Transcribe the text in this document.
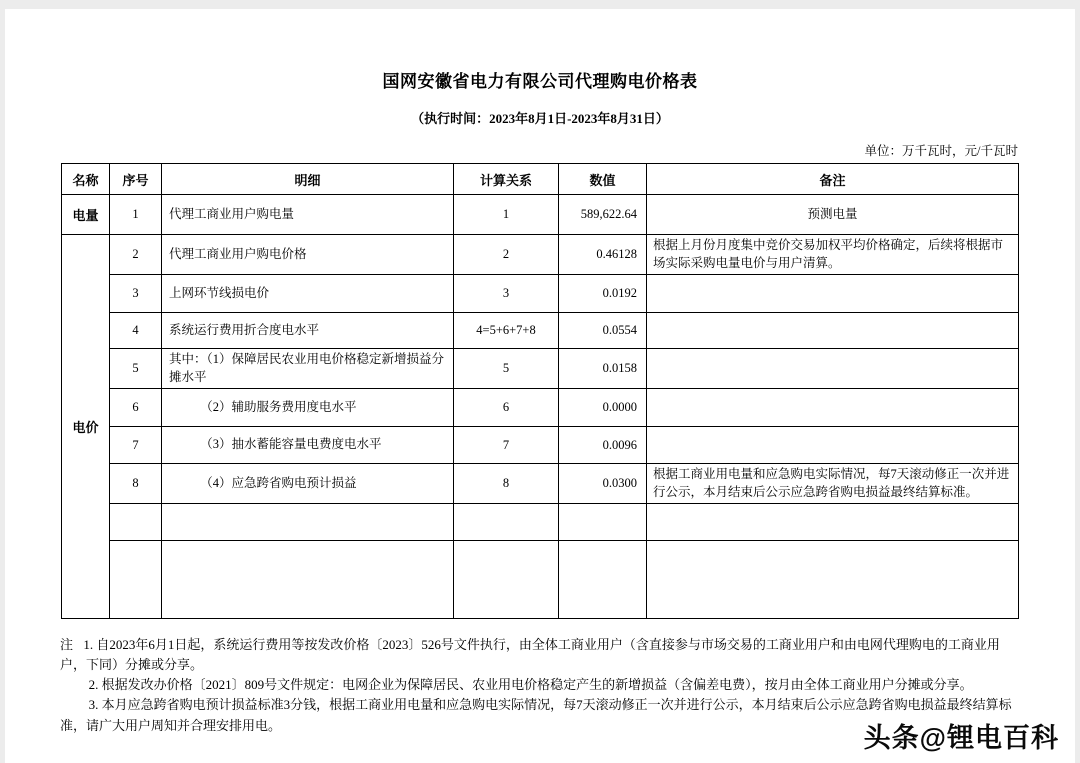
国网安徽省电力有限公司代理购电价格表
（执行时间：2023年8月1日-2023年8月31日）
单位：万千瓦时，元/千瓦时
名称	序号	明细	计算关系	数值	备注
电量	1	代理工商业用户购电量	1	589,622.64	预测电量
电价	2	代理工商业用户购电价格	2	0.46128	根据上月份月度集中竞价交易加权平均价格确定，后续将根据市场实际采购电量电价与用户清算。
	3	上网环节线损电价	3	0.0192	
	4	系统运行费用折合度电水平	4=5+6+7+8	0.0554	
	5	其中：（1）保障居民农业用电价格稳定新增损益分摊水平	5	0.0158	
	6	　　　（2）辅助服务费用度电水平	6	0.0000	
	7	　　　（3）抽水蓄能容量电费度电水平	7	0.0096	
	8	　　　（4）应急跨省购电预计损益	8	0.0300	根据工商业用电量和应急购电实际情况，每7天滚动修正一次并进行公示，本月结束后公示应急跨省购电损益最终结算标准。

注 1. 自2023年6月1日起，系统运行费用等按发改价格〔2023〕526号文件执行，由全体工商业用户（含直接参与市场交易的工商业用户和由电网代理购电的工商业用户，下同）分摊或分享。

2. 根据发改办价格〔2021〕809号文件规定：电网企业为保障居民、农业用电价格稳定产生的新增损益（含偏差电费），按月由全体工商业用户分摊或分享。

3. 本月应急跨省购电预计损益标准3分钱，根据工商业用电量和应急购电实际情况，每7天滚动修正一次并进行公示，本月结束后公示应急跨省购电损益最终结算标准，请广大用户周知并合理安排用电。	头条@锂电百科
